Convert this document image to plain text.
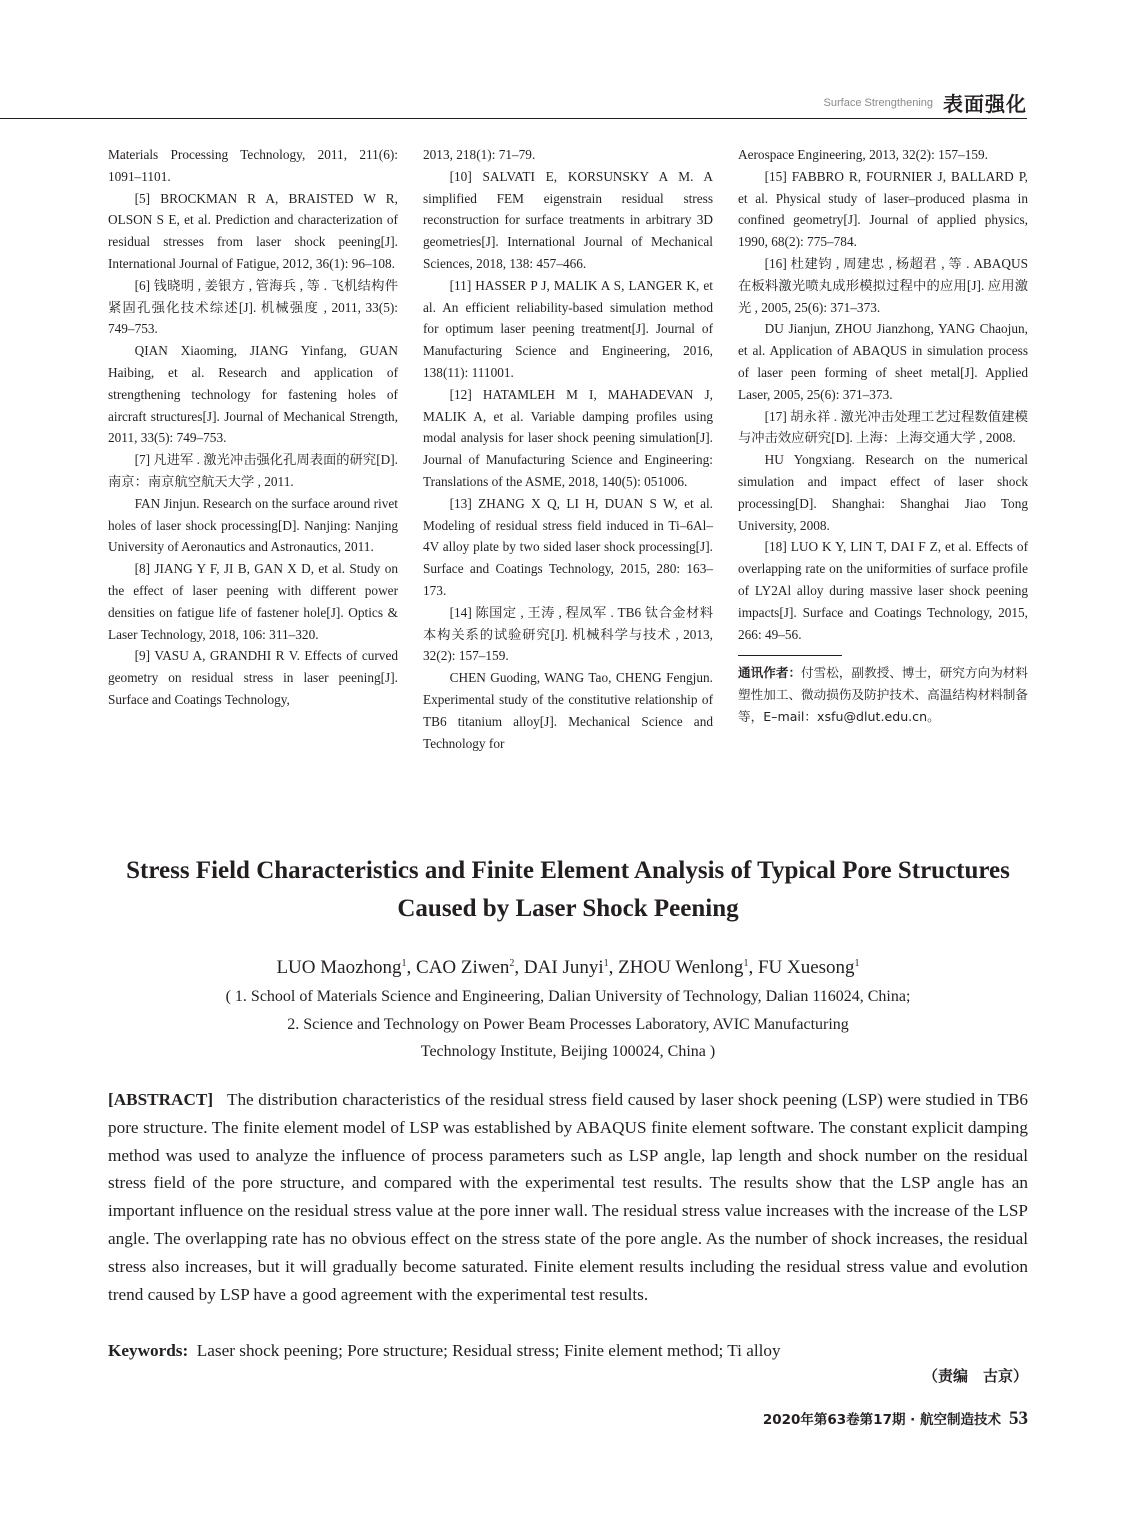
Surface Strengthening 表面强化

Materials Processing Technology, 2011, 211(6): 1091–1101.

[5] BROCKMAN R A, BRAISTED W R, OLSON S E, et al. Prediction and characterization of residual stresses from laser shock peening[J]. International Journal of Fatigue, 2012, 36(1): 96–108.

[6] 钱晓明 , 姜银方 , 管海兵 , 等 . 飞机结构件紧固孔强化技术综述[J]. 机械强度 , 2011, 33(5): 749–753.

QIAN Xiaoming, JIANG Yinfang, GUAN Haibing, et al. Research and application of strengthening technology for fastening holes of aircraft structures[J]. Journal of Mechanical Strength, 2011, 33(5): 749–753.

[7] 凡进军 . 激光冲击强化孔周表面的研究[D]. 南京：南京航空航天大学 , 2011.

FAN Jinjun. Research on the surface around rivet holes of laser shock processing[D]. Nanjing: Nanjing University of Aeronautics and Astronautics, 2011.

[8] JIANG Y F, JI B, GAN X D, et al. Study on the effect of laser peening with different power densities on fatigue life of fastener hole[J]. Optics & Laser Technology, 2018, 106: 311–320.

[9] VASU A, GRANDHI R V. Effects of curved geometry on residual stress in laser peening[J]. Surface and Coatings Technology,

2013, 218(1): 71–79.

[10] SALVATI E, KORSUNSKY A M. A simplified FEM eigenstrain residual stress reconstruction for surface treatments in arbitrary 3D geometries[J]. International Journal of Mechanical Sciences, 2018, 138: 457–466.

[11] HASSER P J, MALIK A S, LANGER K, et al. An efficient reliability-based simulation method for optimum laser peening treatment[J]. Journal of Manufacturing Science and Engineering, 2016, 138(11): 111001.

[12] HATAMLEH M I, MAHADEVAN J, MALIK A, et al. Variable damping profiles using modal analysis for laser shock peening simulation[J]. Journal of Manufacturing Science and Engineering: Translations of the ASME, 2018, 140(5): 051006.

[13] ZHANG X Q, LI H, DUAN S W, et al. Modeling of residual stress field induced in Ti–6Al–4V alloy plate by two sided laser shock processing[J]. Surface and Coatings Technology, 2015, 280: 163–173.

[14] 陈国定 , 王涛 , 程凤军 . TB6 钛合金材料本构关系的试验研究[J]. 机械科学与技术 , 2013, 32(2): 157–159.

CHEN Guoding, WANG Tao, CHENG Fengjun. Experimental study of the constitutive relationship of TB6 titanium alloy[J]. Mechanical Science and Technology for

Aerospace Engineering, 2013, 32(2): 157–159.

[15] FABBRO R, FOURNIER J, BALLARD P, et al. Physical study of laser–produced plasma in confined geometry[J]. Journal of applied physics, 1990, 68(2): 775–784.

[16] 杜建钧 , 周建忠 , 杨超君 , 等 . ABAQUS 在板料激光喷丸成形模拟过程中的应用[J]. 应用激光 , 2005, 25(6): 371–373.

DU Jianjun, ZHOU Jianzhong, YANG Chaojun, et al. Application of ABAQUS in simulation process of laser peen forming of sheet metal[J]. Applied Laser, 2005, 25(6): 371–373.

[17] 胡永祥 . 激光冲击处理工艺过程数值建模与冲击效应研究[D]. 上海：上海交通大学 , 2008.

HU Yongxiang. Research on the numerical simulation and impact effect of laser shock processing[D]. Shanghai: Shanghai Jiao Tong University, 2008.

[18] LUO K Y, LIN T, DAI F Z, et al. Effects of overlapping rate on the uniformities of surface profile of LY2Al alloy during massive laser shock peening impacts[J]. Surface and Coatings Technology, 2015, 266: 49–56.

通讯作者：付雪松，副教授、博士，研究方向为材料塑性加工、微动损伤及防护技术、高温结构材料制备等，E–mail：xsfu@dlut.edu.cn。
Stress Field Characteristics and Finite Element Analysis of Typical Pore Structures Caused by Laser Shock Peening
LUO Maozhong$^1$, CAO Ziwen$^2$, DAI Junyi$^1$, ZHOU Wenlong$^1$, FU Xuesong$^1$
( 1. School of Materials Science and Engineering, Dalian University of Technology, Dalian 116024, China;
2. Science and Technology on Power Beam Processes Laboratory, AVIC Manufacturing
Technology Institute, Beijing 100024, China )
[ABSTRACT] The distribution characteristics of the residual stress field caused by laser shock peening (LSP) were studied in TB6 pore structure. The finite element model of LSP was established by ABAQUS finite element software. The constant explicit damping method was used to analyze the influence of process parameters such as LSP angle, lap length and shock number on the residual stress field of the pore structure, and compared with the experimental test results. The results show that the LSP angle has an important influence on the residual stress value at the pore inner wall. The residual stress value increases with the increase of the LSP angle. The overlapping rate has no obvious effect on the stress state of the pore angle. As the number of shock increases, the residual stress also increases, but it will gradually become saturated. Finite element results including the residual stress value and evolution trend caused by LSP have a good agreement with the experimental test results.
Keywords: Laser shock peening; Pore structure; Residual stress; Finite element method; Ti alloy
（责编　古京）
2020年第63卷第17期 · 航空制造技术 53
